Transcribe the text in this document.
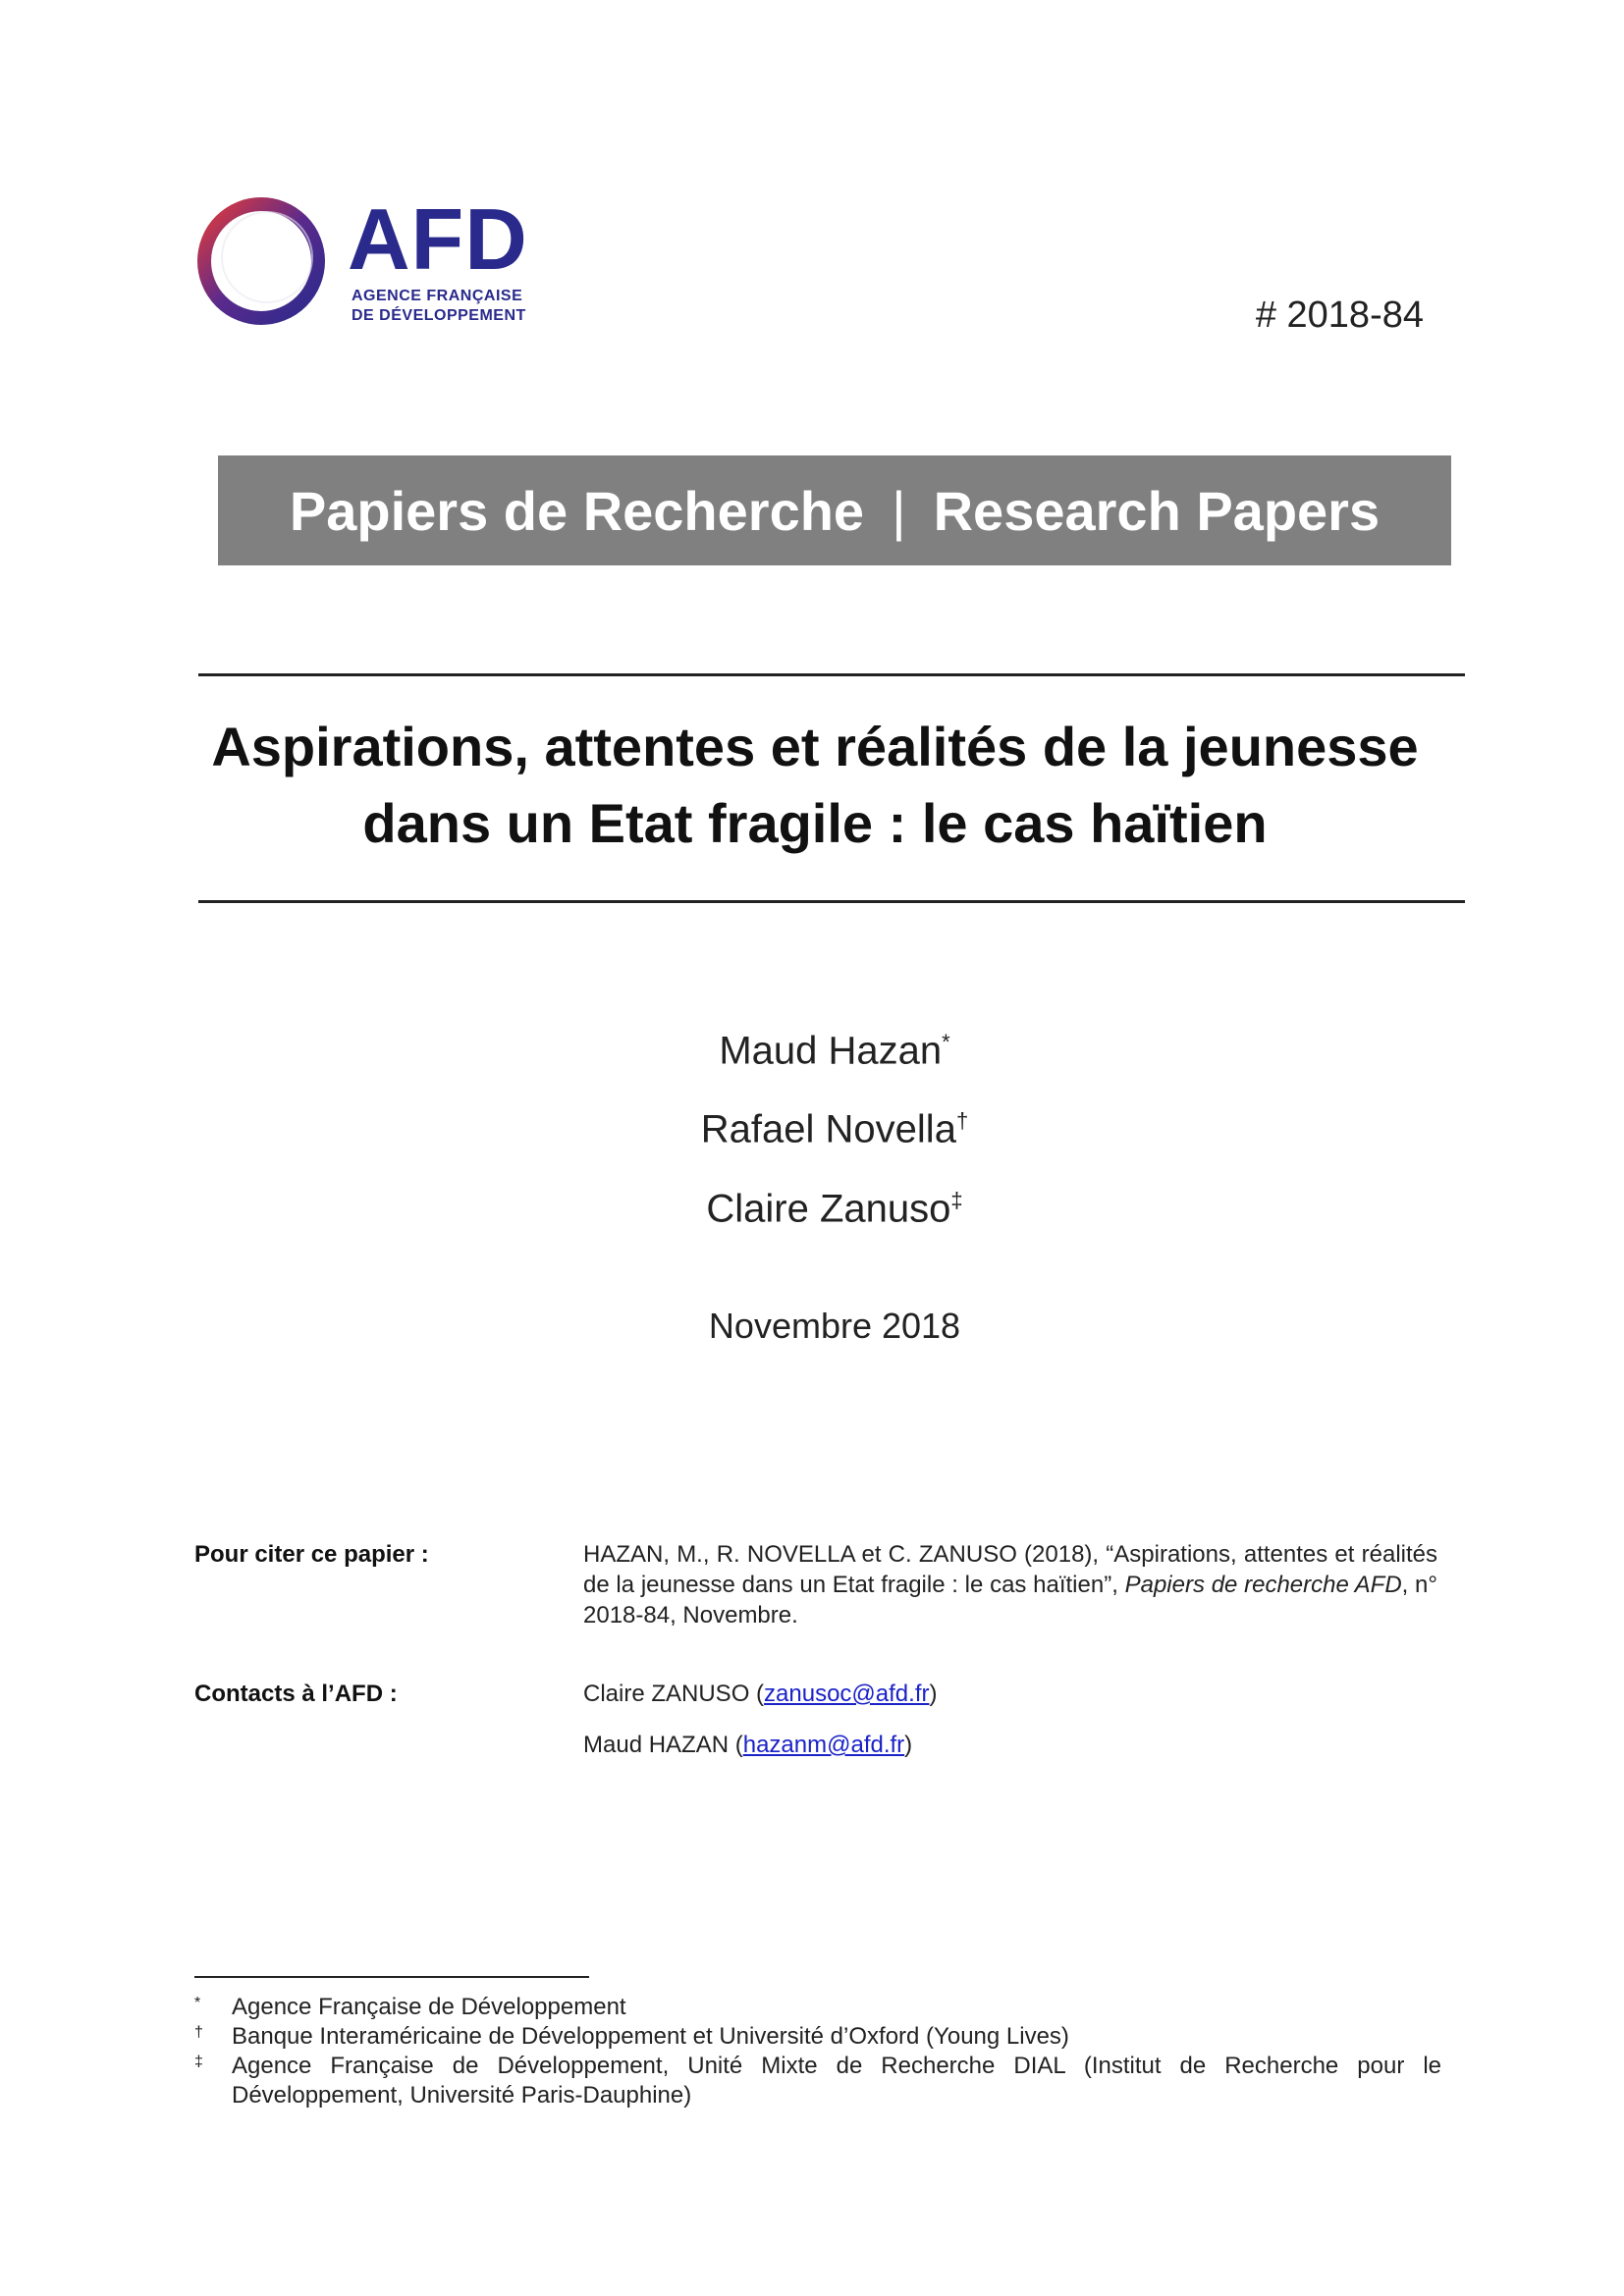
AFD
AGENCE FRANÇAISE
DE DÉVELOPPEMENT	# 2018-84
Papiers de Recherche | Research Papers
Aspirations, attentes et réalités de la jeunesse
dans un Etat fragile : le cas haïtien
Maud Hazan*
Rafael Novella†
Claire Zanuso‡
Novembre 2018
Pour citer ce papier :	HAZAN, M., R. NOVELLA et C. ZANUSO (2018), “Aspirations, attentes et réalités de la jeunesse dans un Etat fragile : le cas haïtien”, Papiers de recherche AFD, n° 2018-84, Novembre.
Contacts à l’AFD :	Claire ZANUSO (zanusoc@afd.fr)
Maud HAZAN (hazanm@afd.fr)
*	Agence Française de Développement
†	Banque Interaméricaine de Développement et Université d’Oxford (Young Lives)
‡	Agence Française de Développement, Unité Mixte de Recherche DIAL (Institut de Recherche pour le Développement, Université Paris-Dauphine)
